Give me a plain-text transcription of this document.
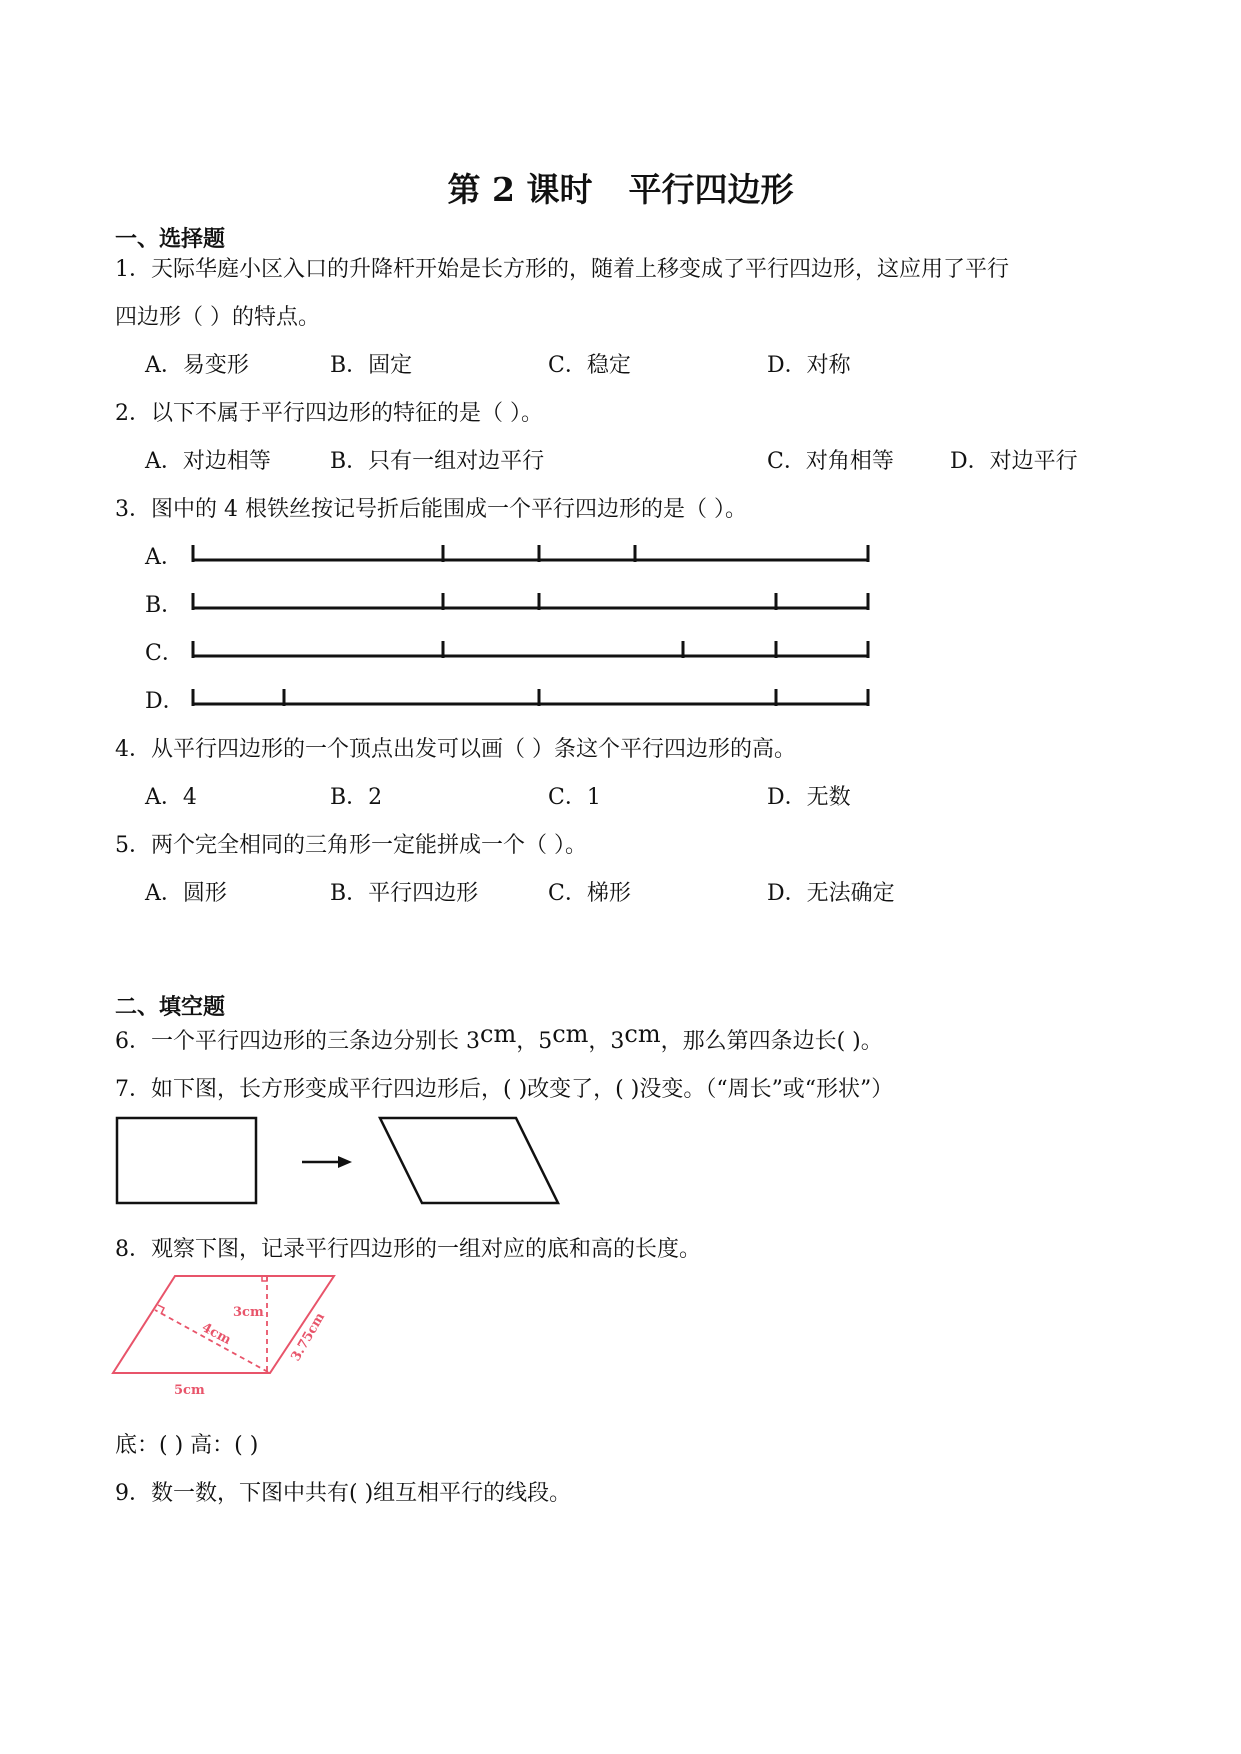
第 2 课时 平行四边形
一、选择题
1．天际华庭小区入口的升降杆开始是长方形的，随着上移变成了平行四边形，这应用了平行
四边形（ ）的特点。
A．易变形	B．固定	C．稳定	D．对称
2．以下不属于平行四边形的特征的是（ ）。
A．对边相等	B．只有一组对边平行	C．对角相等	D．对边平行
3．图中的 4 根铁丝按记号折后能围成一个平行四边形的是（ ）。
A．
B．
C．
D．
4．从平行四边形的一个顶点出发可以画（ ）条这个平行四边形的高。
A．4	B．2	C．1	D．无数
5．两个完全相同的三角形一定能拼成一个（ ）。
A．圆形	B．平行四边形	C．梯形	D．无法确定
二、填空题
6．一个平行四边形的三条边分别长 3cm，5cm，3cm，那么第四条边长( )。
7．如下图，长方形变成平行四边形后，( )改变了，( )没变。（“周长”或“形状”）
8．观察下图，记录平行四边形的一组对应的底和高的长度。
3cm
4cm	3.75cm
5cm
底：( ) 高：( )
9．数一数，下图中共有( )组互相平行的线段。
